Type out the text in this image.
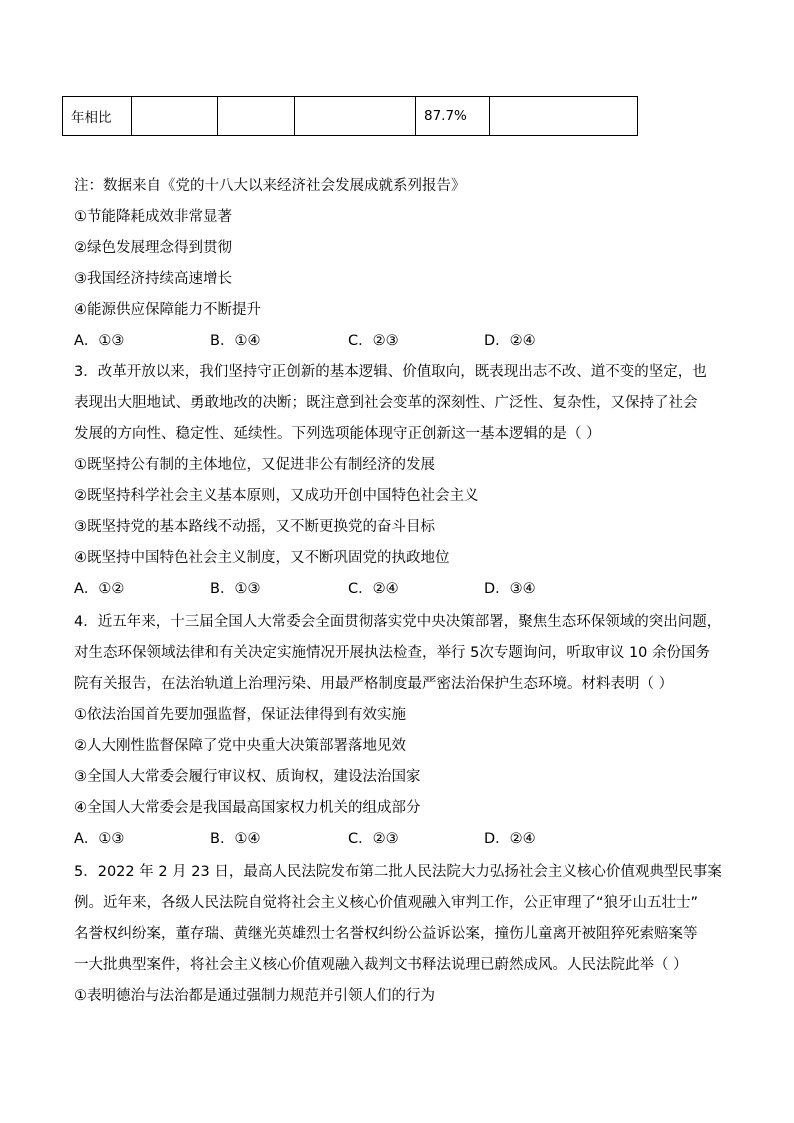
年相比				87.7%	
注：数据来自《党的十八大以来经济社会发展成就系列报告》
①节能降耗成效非常显著
②绿色发展理念得到贯彻
③我国经济持续高速增长
④能源供应保障能力不断提升
A．①③	B．①④	C．②③	D．②④
3．改革开放以来，我们坚持守正创新的基本逻辑、价值取向，既表现出志不改、道不变的坚定，也
表现出大胆地试、勇敢地改的决断；既注意到社会变革的深刻性、广泛性、复杂性，又保持了社会
发展的方向性、稳定性、延续性。下列选项能体现守正创新这一基本逻辑的是（ ）
①既坚持公有制的主体地位，又促进非公有制经济的发展
②既坚持科学社会主义基本原则，又成功开创中国特色社会主义
③既坚持党的基本路线不动摇，又不断更换党的奋斗目标
④既坚持中国特色社会主义制度，又不断巩固党的执政地位
A．①②	B．①③	C．②④	D．③④
4．近五年来，十三届全国人大常委会全面贯彻落实党中央决策部署，聚焦生态环保领域的突出问题，
对生态环保领域法律和有关决定实施情况开展执法检查，举行 5次专题询问，听取审议 10 余份国务
院有关报告，在法治轨道上治理污染、用最严格制度最严密法治保护生态环境。材料表明（ ）
①依法治国首先要加强监督，保证法律得到有效实施
②人大刚性监督保障了党中央重大决策部署落地见效
③全国人大常委会履行审议权、质询权，建设法治国家
④全国人大常委会是我国最高国家权力机关的组成部分
A．①③	B．①④	C．②③	D．②④
5．2022 年 2 月 23 日，最高人民法院发布第二批人民法院大力弘扬社会主义核心价值观典型民事案
例。近年来，各级人民法院自觉将社会主义核心价值观融入审判工作，公正审理了“狼牙山五壮士”
名誉权纠纷案，董存瑞、黄继光英雄烈士名誉权纠纷公益诉讼案，撞伤儿童离开被阻猝死索赔案等
一大批典型案件，将社会主义核心价值观融入裁判文书释法说理已蔚然成风。人民法院此举（ ）
①表明德治与法治都是通过强制力规范并引领人们的行为
